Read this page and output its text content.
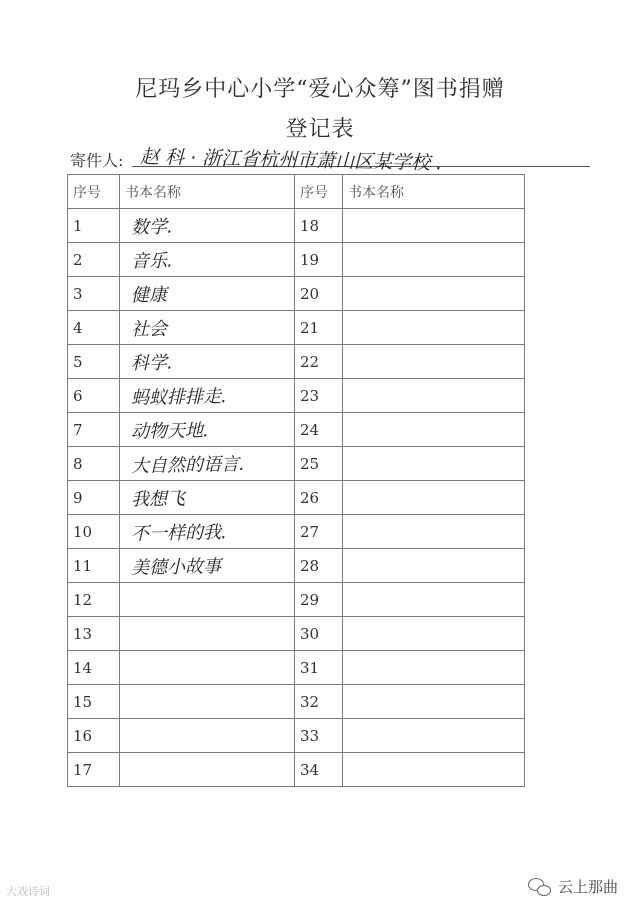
尼玛乡中心小学“爱心众筹”图书捐赠
登记表
寄件人: 赵 科 · 浙江省杭州市萧山区某学校 .
序号	书本名称	序号	书本名称
1	数学.	18	
2	音乐.	19	
3	健康	20	
4	社会	21	
5	科学.	22	
6	蚂蚁排排走.	23	
7	动物天地.	24	
8	大自然的语言.	25	
9	我想飞	26	
10	不一样的我.	27	
11	美德小故事	28	
12		29	
13		30	
14		31	
15		32	
16		33	
17		34	
大戏诗词	云上那曲
